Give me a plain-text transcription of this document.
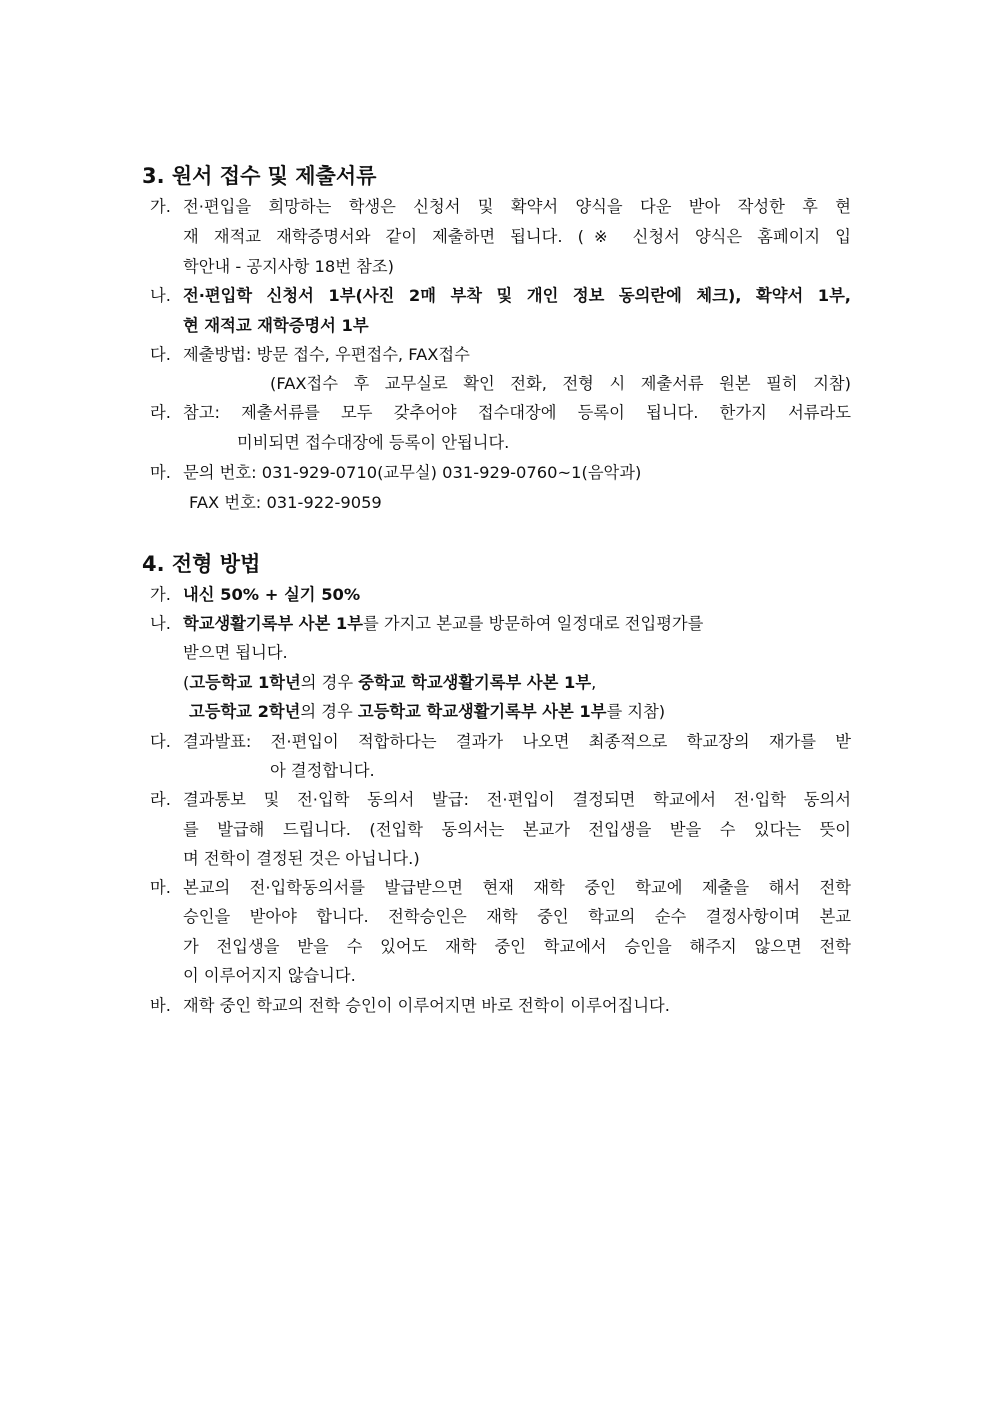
3. 원서 접수 및 제출서류
가. 전·편입을 희망하는 학생은 신청서 및 확약서 양식을 다운 받아 작성한 후 현

재 재적교 재학증명서와 같이 제출하면 됩니다. (※ 신청서 양식은 홈페이지 입

학안내 - 공지사항 18번 참조)

나. 전·편입학 신청서 1부(사진 2매 부착 및 개인 정보 동의란에 체크), 확약서 1부,

현 재적교 재학증명서 1부

다. 제출방법: 방문 접수, 우편접수, FAX접수

(FAX접수 후 교무실로 확인 전화, 전형 시 제출서류 원본 필히 지참)

라. 참고: 제출서류를 모두 갖추어야 접수대장에 등록이 됩니다. 한가지 서류라도

미비되면 접수대장에 등록이 안됩니다.

마. 문의 번호: 031-929-0710(교무실) 031-929-0760~1(음악과)

FAX 번호: 031-922-9059

4. 전형 방법
가. 내신 50% + 실기 50%

나. 학교생활기록부 사본 1부를 가지고 본교를 방문하여 일정대로 전입평가를

받으면 됩니다.

(고등학교 1학년의 경우 중학교 학교생활기록부 사본 1부,

고등학교 2학년의 경우 고등학교 학교생활기록부 사본 1부를 지참)

다. 결과발표: 전·편입이 적합하다는 결과가 나오면 최종적으로 학교장의 재가를 받

아 결정합니다.

라. 결과통보 및 전·입학 동의서 발급: 전·편입이 결정되면 학교에서 전·입학 동의서

를 발급해 드립니다. (전입학 동의서는 본교가 전입생을 받을 수 있다는 뜻이

며 전학이 결정된 것은 아닙니다.)

마. 본교의 전·입학동의서를 발급받으면 현재 재학 중인 학교에 제출을 해서 전학

승인을 받아야 합니다. 전학승인은 재학 중인 학교의 순수 결정사항이며 본교

가 전입생을 받을 수 있어도 재학 중인 학교에서 승인을 해주지 않으면 전학

이 이루어지지 않습니다.

바. 재학 중인 학교의 전학 승인이 이루어지면 바로 전학이 이루어집니다.
